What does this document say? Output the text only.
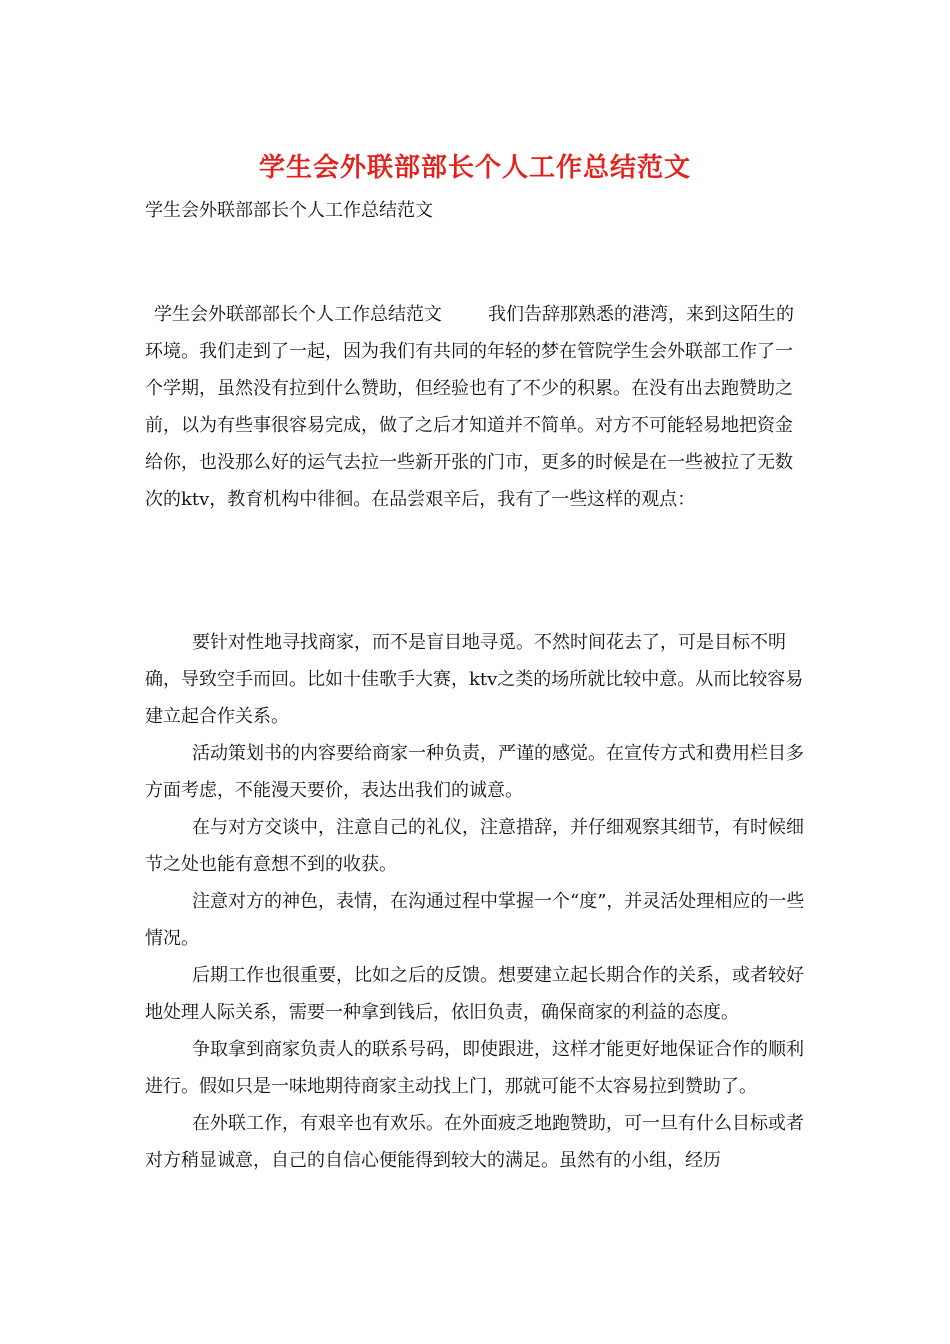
学生会外联部部长个人工作总结范文

学生会外联部部长个人工作总结范文

学生会外联部部长个人工作总结范文	我们告辞那熟悉的港湾，来到这陌生的环境。我们走到了一起，因为我们有共同的年轻的梦在管院学生会外联部工作了一个学期，虽然没有拉到什么赞助，但经验也有了不少的积累。在没有出去跑赞助之前，以为有些事很容易完成，做了之后才知道并不简单。对方不可能轻易地把资金给你，也没那么好的运气去拉一些新开张的门市，更多的时候是在一些被拉了无数次的ktv，教育机构中徘徊。在品尝艰辛后，我有了一些这样的观点：

要针对性地寻找商家，而不是盲目地寻觅。不然时间花去了，可是目标不明确，导致空手而回。比如十佳歌手大赛，ktv之类的场所就比较中意。从而比较容易建立起合作关系。

活动策划书的内容要给商家一种负责，严谨的感觉。在宣传方式和费用栏目多方面考虑，不能漫天要价，表达出我们的诚意。

在与对方交谈中，注意自己的礼仪，注意措辞，并仔细观察其细节，有时候细节之处也能有意想不到的收获。

注意对方的神色，表情，在沟通过程中掌握一个“度”，并灵活处理相应的一些情况。

后期工作也很重要，比如之后的反馈。想要建立起长期合作的关系，或者较好地处理人际关系，需要一种拿到钱后，依旧负责，确保商家的利益的态度。

争取拿到商家负责人的联系号码，即使跟进，这样才能更好地保证合作的顺利进行。假如只是一味地期待商家主动找上门，那就可能不太容易拉到赞助了。

在外联工作，有艰辛也有欢乐。在外面疲乏地跑赞助，可一旦有什么目标或者对方稍显诚意，自己的自信心便能得到较大的满足。虽然有的小组，经历
